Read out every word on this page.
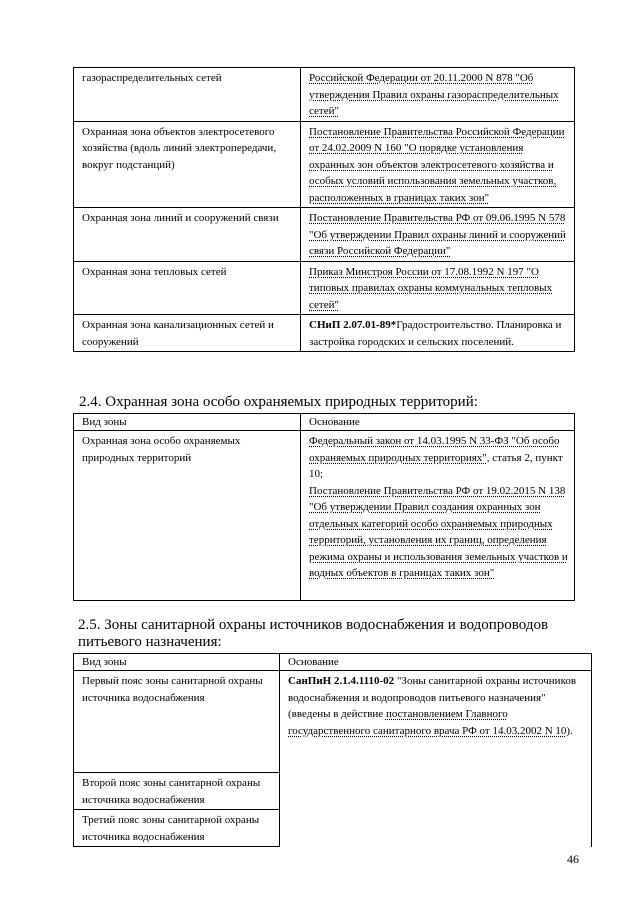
газораспределительных сетей	Российской Федерации от 20.11.2000 N 878 "Об утверждения Правил охраны газораспределительных сетей"
Охранная зона объектов электросетевого хозяйства (вдоль линий электропередачи, вокруг подстанций)	Постановление Правительства Российской Федерации от 24.02.2009 N 160 "О порядке установления охранных зон объектов электросетевого хозяйства и особых условий использования земельных участков, расположенных в границах таких зон"
Охранная зона линий и сооружений связи	Постановление Правительства РФ от 09.06.1995 N 578 "Об утверждении Правил охраны линий и сооружений связи Российской Федерации"
Охранная зона тепловых сетей	Приказ Минстроя России от 17.08.1992 N 197 "О типовых правилах охраны коммунальных тепловых сетей"
Охранная зона канализационных сетей и сооружений	СНиП 2.07.01-89*Градостроительство. Планировка и застройка городских и сельских поселений.
2.4. Охранная зона особо охраняемых природных территорий:
Вид зоны	Основание
Охранная зона особо охраняемых природных территорий	Федеральный закон от 14.03.1995 N 33-ФЗ "Об особо охраняемых природных территориях", статья 2, пункт 10;
Постановление Правительства РФ от 19.02.2015 N 138 "Об утверждении Правил создания охранных зон отдельных категорий особо охраняемых природных территорий, установления их границ, определения режима охраны и использования земельных участков и водных объектов в границах таких зон"
2.5. Зоны санитарной охраны источников водоснабжения и водопроводов питьевого назначения:
Вид зоны	Основание
Первый пояс зоны санитарной охраны источника водоснабжения	СанПиН 2.1.4.1110-02 "Зоны санитарной охраны источников водоснабжения и водопроводов питьевого назначения" (введены в действие постановлением Главного государственного санитарного врача РФ от 14.03.2002 N 10).
Второй пояс зоны санитарной охраны источника водоснабжения	
Третий пояс зоны санитарной охраны источника водоснабжения	
46
